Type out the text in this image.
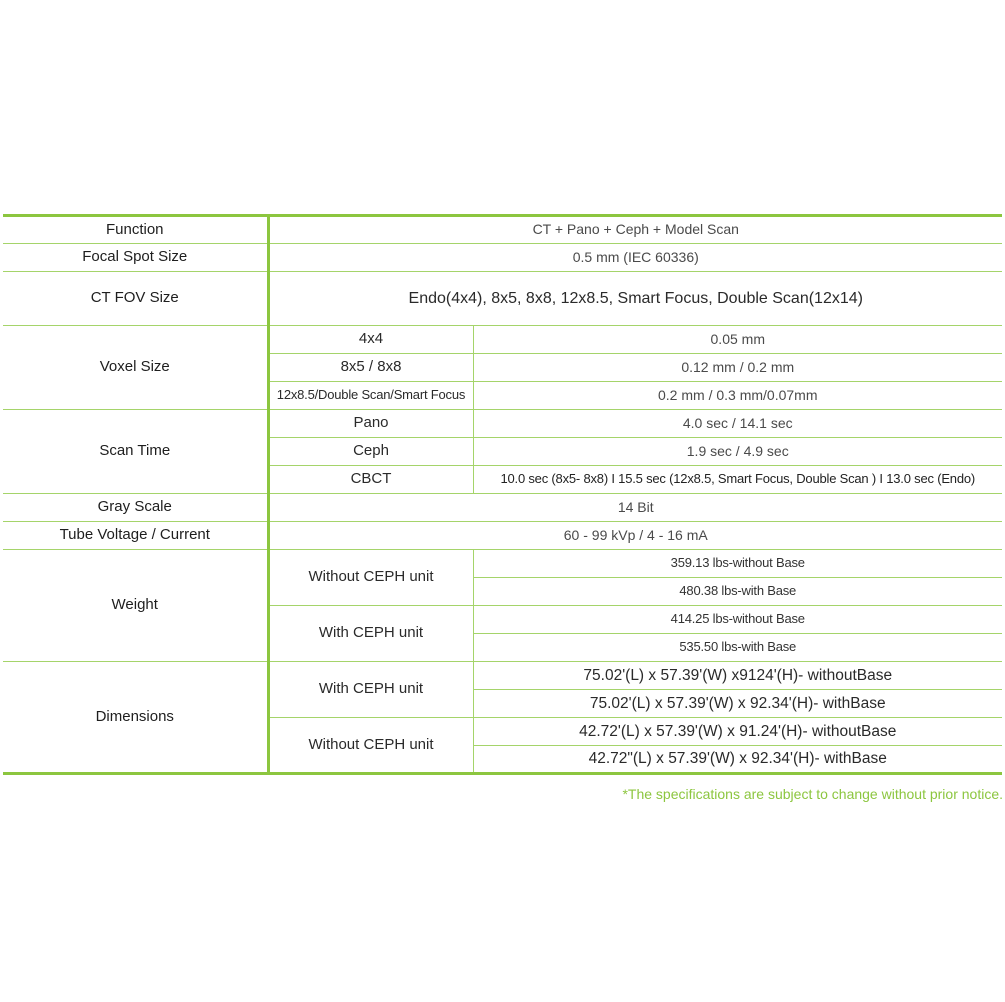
Function	CT + Pano + Ceph + Model Scan	
Focal Spot Size	0.5 mm (IEC 60336)	
CT FOV Size	Endo(4x4), 8x5, 8x8, 12x8.5, Smart Focus, Double Scan(12x14)	
Voxel Size	4x4	0.05 mm
	8x5 / 8x8	0.12 mm / 0.2 mm
	12x8.5/Double Scan/Smart Focus	0.2 mm / 0.3 mm/0.07mm
Scan Time	Pano	4.0 sec / 14.1 sec
	Ceph	1.9 sec / 4.9 sec
	CBCT	10.0 sec (8x5- 8x8) I 15.5 sec (12x8.5, Smart Focus, Double Scan ) I 13.0 sec (Endo)
Gray Scale	14 Bit	
Tube Voltage / Current	60 - 99 kVp / 4 - 16 mA	
Weight	Without CEPH unit	359.13 lbs-without Base
		480.38 lbs-with Base
	With CEPH unit	414.25 lbs-without Base
		535.50 lbs-with Base
Dimensions	With CEPH unit	75.02'(L) x 57.39'(W) x9124'(H)- withoutBase
		75.02'(L) x 57.39'(W) x 92.34'(H)- withBase
	Without CEPH unit	42.72'(L) x 57.39'(W) x 91.24'(H)- withoutBase
		42.72"(L) x 57.39'(W) x 92.34'(H)- withBase
*The specifications are subject to change without prior notice.
